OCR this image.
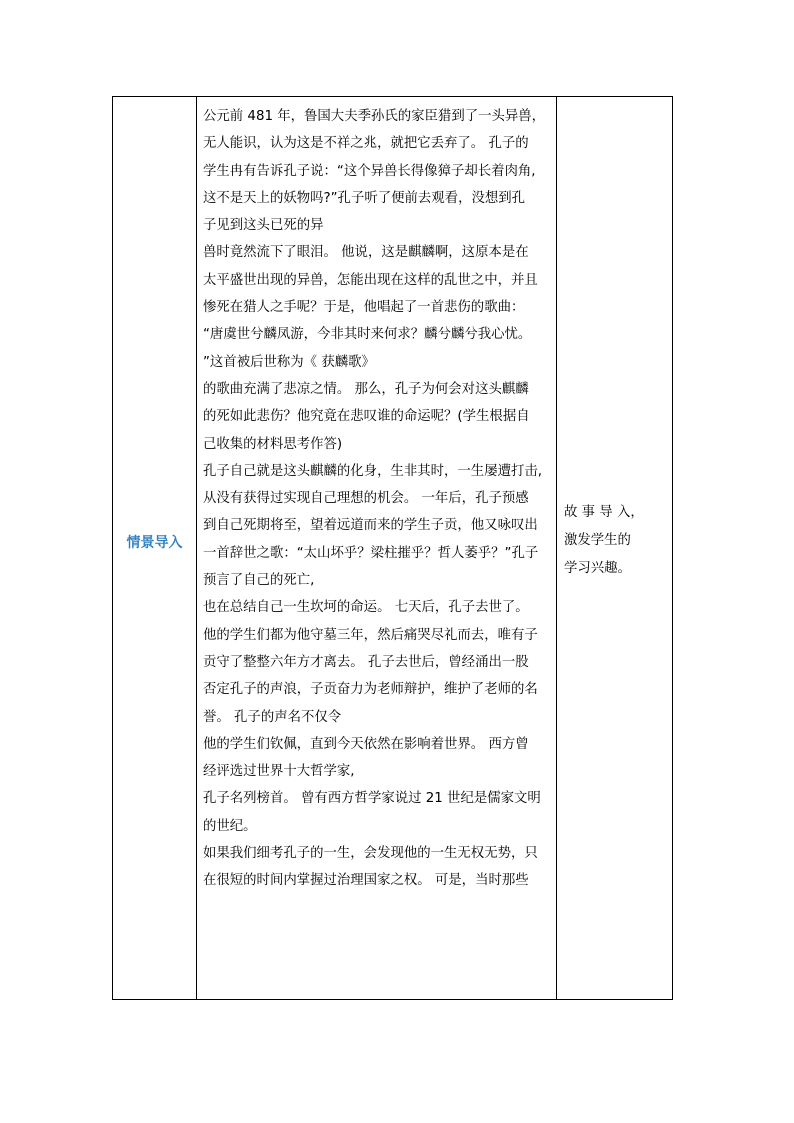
情景导入
公元前 481 年，鲁国大夫季孙氏的家臣猎到了一头异兽，
无人能识，认为这是不祥之兆，就把它丢弃了。 孔子的
学生冉有告诉孔子说：“这个异兽长得像獐子却长着肉角,
这不是天上的妖物吗?”孔子听了便前去观看，没想到孔
子见到这头已死的异
兽时竟然流下了眼泪。 他说，这是麒麟啊，这原本是在
太平盛世出现的异兽，怎能出现在这样的乱世之中，并且
惨死在猎人之手呢？于是，他唱起了一首悲伤的歌曲：
“唐虞世兮麟凤游，今非其时来何求？麟兮麟兮我心忧。
”这首被后世称为《 获麟歌》
的歌曲充满了悲凉之情。 那么，孔子为何会对这头麒麟
的死如此悲伤？他究竟在悲叹谁的命运呢？(学生根据自
己收集的材料思考作答)
孔子自己就是这头麒麟的化身，生非其时，一生屡遭打击,
从没有获得过实现自己理想的机会。 一年后，孔子预感
到自己死期将至，望着远道而来的学生子贡，他又咏叹出
一首辞世之歌：“太山坏乎？梁柱摧乎？哲人萎乎？”孔子
预言了自己的死亡,
也在总结自己一生坎坷的命运。 七天后，孔子去世了。
他的学生们都为他守墓三年，然后痛哭尽礼而去，唯有子
贡守了整整六年方才离去。 孔子去世后，曾经涌出一股
否定孔子的声浪，子贡奋力为老师辩护，维护了老师的名
誉。 孔子的声名不仅令
他的学生们钦佩，直到今天依然在影响着世界。 西方曾
经评选过世界十大哲学家,
孔子名列榜首。 曾有西方哲学家说过 21 世纪是儒家文明
的世纪。
如果我们细考孔子的一生，会发现他的一生无权无势，只
在很短的时间内掌握过治理国家之权。 可是，当时那些
故 事 导 入，
激发学生的
学习兴趣。
